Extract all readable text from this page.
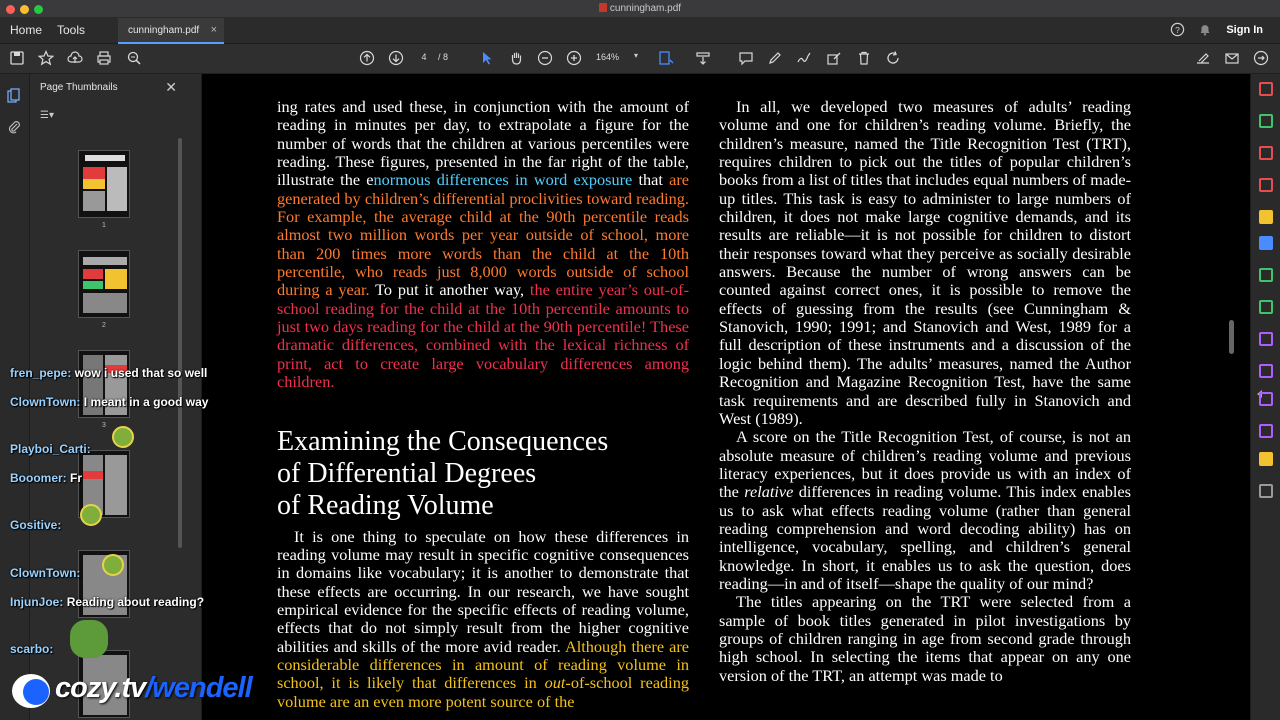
cunningham.pdf
Home Tools	cunningham.pdf ×	?	Sign In
4	/ 8	164% ▾
Page Thumbnails	✕
☰▾
1
2
3

ing rates and used these, in conjunction with the amount of reading in minutes per day, to extrapolate a figure for the number of words that the children at various percentiles were reading. These figures, presented in the far right of the table, illustrate the enormous differences in word exposure that are generated by children’s differential proclivities toward reading. For example, the average child at the 90th percentile reads almost two million words per year outside of school, more than 200 times more words than the child at the 10th percentile, who reads just 8,000 words outside of school during a year. To put it another way, the entire year’s out-of-school reading for the child at the 10th percentile amounts to just two days reading for the child at the 90th percentile! These dramatic differences, combined with the lexical richness of print, act to create large vocabulary differences among children.

Examining the Consequences
of Differential Degrees
of Reading Volume

It is one thing to speculate on how these differences in reading volume may result in specific cognitive consequences in domains like vocabulary; it is another to demonstrate that these effects are occurring. In our research, we have sought empirical evidence for the specific effects of reading volume, effects that do not simply result from the higher cognitive abilities and skills of the more avid reader. Although there are considerable differences in amount of reading volume in school, it is likely that differences in out-of-school reading volume are an even more potent source of the

In all, we developed two measures of adults’ reading volume and one for children’s reading volume. Briefly, the children’s measure, named the Title Recognition Test (TRT), requires children to pick out the titles of popular children’s books from a list of titles that includes equal numbers of made-up titles. This task is easy to administer to large numbers of children, it does not make large cognitive demands, and its results are reliable—it is not possible for children to distort their responses toward what they perceive as socially desirable answers. Because the number of wrong answers can be counted against correct ones, it is possible to remove the effects of guessing from the results (see Cunningham & Stanovich, 1990; 1991; and Stanovich and West, 1989 for a full description of these instruments and a discussion of the logic behind them). The adults’ measures, named the Author Recognition and Magazine Recognition Test, have the same task requirements and are described fully in Stanovich and West (1989).

A score on the Title Recognition Test, of course, is not an absolute measure of children’s reading volume and previous literacy experiences, but it does provide us with an index of the relative differences in reading volume. This index enables us to ask what effects reading volume (rather than general reading comprehension and word decoding ability) has on intelligence, vocabulary, spelling, and children’s general knowledge. In short, it enables us to ask the question, does reading—in and of itself—shape the quality of our mind?

The titles appearing on the TRT were selected from a sample of book titles generated in pilot investigations by groups of children ranging in age from second grade through high school. In selecting the items that appear on any one version of the TRT, an attempt was made to

fren_pepe: wow i used that so well
ClownTown: I meant in a good way
Playboi_Carti:
Booomer: Fr
Gositive:
ClownTown:
InjunJoe: Reading about reading?
scarbo:
cozy.tv/wendell
